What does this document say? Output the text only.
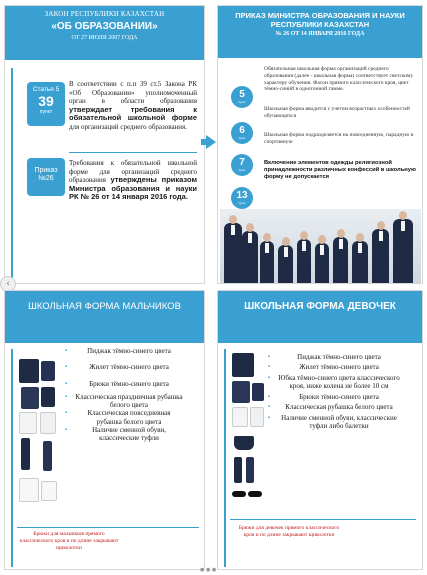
ЗАКОН РЕСПУБЛИКИ КАЗАХСТАН
«ОБ ОБРАЗОВАНИИ»
ОТ 27 ИЮЛЯ 2007 ГОДА
Статья 5
39
пункт
В соответствии с п.п 39 ст.5 Закона РК «Об Образовании» уполномоченный орган в области образования утверждает требования к обязательной школьной форме для организаций среднего образования.
Приказ №26
Требования к обязательной школьной форме для организаций среднего образования утверждены приказом Министра образования и науки РК № 26 от 14 января 2016 года.
ПРИКАЗ МИНИСТРА ОБРАЗОВАНИЯ И НАУКИ РЕСПУБЛИКИ КАЗАХСТАН
№ 26 ОТ 14 ЯНВАРЯ 2016 ГОДА
5
пункт
Обязательная школьная форма организаций среднего образования (далее - школьная форма) соответствует светскому характеру обучения. Фасон прямого классического кроя, цвет тёмно-синий в однотонной гамме.
6
пункт	Школьная форма подразделяется на повседневную, парадную и спортивную
7
пункт
Включение элементов одежды религиозной принадлежности различных конфессий в школьную форму не допускается
13
пункт
Школьная форма вводится с учетом возрастных особенностей обучающихся
‹
ШКОЛЬНАЯ ФОРМА МАЛЬЧИКОВ
▪ Пиджак тёмно-синего цвета
▪ Жилет тёмно-синего цвета
▪ Брюки тёмно-синего цвета
▪ Классическая праздничная рубашка белого цвета
▪ Классическая повседневная рубашка белого цвета
▪ Наличие сменной обуви, классические туфли
Брюки для мальчиков прямого классического кроя и по длине закрывают щиколотки
ШКОЛЬНАЯ ФОРМА ДЕВОЧЕК
▪ Пиджак тёмно-синего цвета
▪ Жилет тёмно-синего цвета
▪ Юбка тёмно-синего цвета классического кроя, ниже колена не более 10 см
▪ Брюки тёмно-синего цвета
▪ Классическая рубашка белого цвета
▪ Наличие сменной обуви, классические туфли либо балетки
Брюки для девочек прямого классического кроя и по длине закрывают щиколотки
● ● ●
